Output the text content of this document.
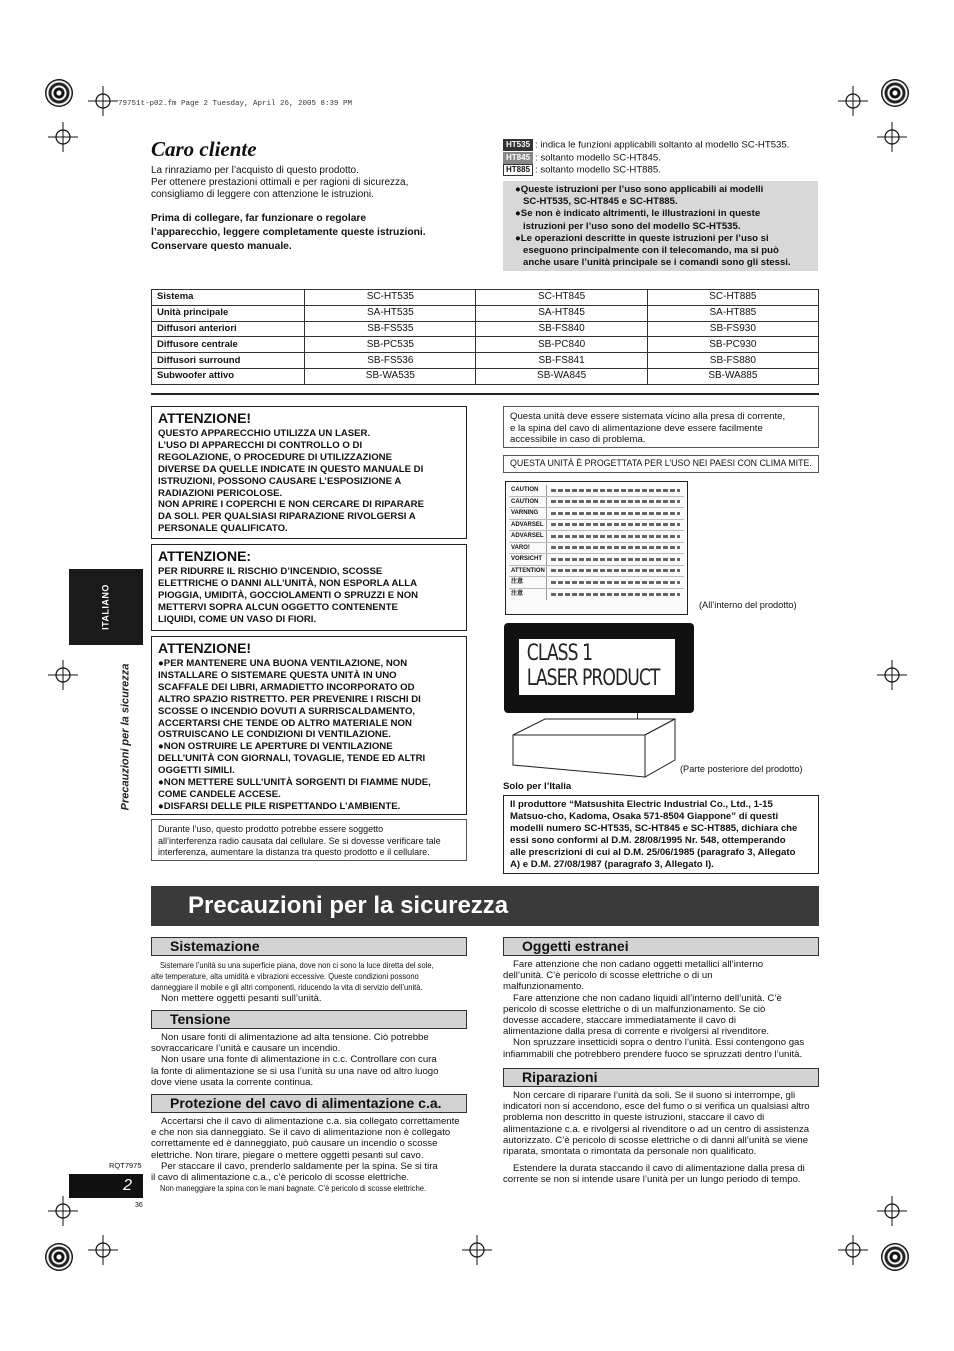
79751t-p02.fm Page 2 Tuesday, April 26, 2005 8:39 PM
ITALIANO
Precauzioni per la sicurezza
RQT7975
2
36
Caro cliente
La rinraziamo per l’acquisto di questo prodotto.
Per ottenere prestazioni ottimali e per ragioni di sicurezza,
consigliamo di leggere con attenzione le istruzioni.
Prima di collegare, far funzionare o regolare
l’apparecchio, leggere completamente queste istruzioni.
Conservare questo manuale.
HT535 : indica le funzioni applicabili soltanto al modello SC-HT535.
HT845 : soltanto modello SC-HT845.
HT885 : soltanto modello SC-HT885.
●Queste istruzioni per l’uso sono applicabili ai modelli
SC-HT535, SC-HT845 e SC-HT885.
●Se non è indicato altrimenti, le illustrazioni in queste
istruzioni per l’uso sono del modello SC-HT535.
●Le operazioni descritte in queste istruzioni per l’uso si
eseguono principalmente con il telecomando, ma si può
anche usare l’unità principale se i comandi sono gli stessi.
Sistema	SC-HT535	SC-HT845	SC-HT885
Unità principale	SA-HT535	SA-HT845	SA-HT885
Diffusori anteriori	SB-FS535	SB-FS840	SB-FS930
Diffusore centrale	SB-PC535	SB-PC840	SB-PC930
Diffusori surround	SB-FS536	SB-FS841	SB-FS880
Subwoofer attivo	SB-WA535	SB-WA845	SB-WA885
ATTENZIONE!
QUESTO APPARECCHIO UTILIZZA UN LASER.
L’USO DI APPARECCHI DI CONTROLLO O DI
REGOLAZIONE, O PROCEDURE DI UTILIZZAZIONE
DIVERSE DA QUELLE INDICATE IN QUESTO MANUALE DI
ISTRUZIONI, POSSONO CAUSARE L’ESPOSIZIONE A
RADIAZIONI PERICOLOSE.
NON APRIRE I COPERCHI E NON CERCARE DI RIPARARE
DA SOLI. PER QUALSIASI RIPARAZIONE RIVOLGERSI A
PERSONALE QUALIFICATO.
ATTENZIONE:
PER RIDURRE IL RISCHIO D’INCENDIO, SCOSSE
ELETTRICHE O DANNI ALL’UNITÀ, NON ESPORLA ALLA
PIOGGIA, UMIDITÀ, GOCCIOLAMENTI O SPRUZZI E NON
METTERVI SOPRA ALCUN OGGETTO CONTENENTE
LIQUIDI, COME UN VASO DI FIORI.
ATTENZIONE!
●PER MANTENERE UNA BUONA VENTILAZIONE, NON
INSTALLARE O SISTEMARE QUESTA UNITÀ IN UNO
SCAFFALE DEI LIBRI, ARMADIETTO INCORPORATO OD
ALTRO SPAZIO RISTRETTO. PER PREVENIRE I RISCHI DI
SCOSSE O INCENDIO DOVUTI A SURRISCALDAMENTO,
ACCERTARSI CHE TENDE OD ALTRO MATERIALE NON
OSTRUISCANO LE CONDIZIONI DI VENTILAZIONE.
●NON OSTRUIRE LE APERTURE DI VENTILAZIONE
DELL’UNITÀ CON GIORNALI, TOVAGLIE, TENDE ED ALTRI
OGGETTI SIMILI.
●NON METTERE SULL’UNITÀ SORGENTI DI FIAMME NUDE,
COME CANDELE ACCESE.
●DISFARSI DELLE PILE RISPETTANDO L’AMBIENTE.
Durante l’uso, questo prodotto potrebbe essere soggetto
all’interferenza radio causata dal cellulare. Se si dovesse verificare tale
interferenza, aumentare la distanza tra questo prodotto e il cellulare.
Questa unità deve essere sistemata vicino alla presa di corrente,
e la spina del cavo di alimentazione deve essere facilmente
accessibile in caso di problema.
QUESTA UNITÀ È PROGETTATA PER L’USO NEI PAESI CON CLIMA MITE.
CAUTION
CAUTION
VARNING
ADVARSEL
ADVARSEL
VARO!
VORSICHT
ATTENTION
注意
注意
(All’interno del prodotto)
CLASS 1
LASER PRODUCT
(Parte posteriore del prodotto)
Solo per l’Italia
Il produttore “Matsushita Electric Industrial Co., Ltd., 1-15
Matsuo-cho, Kadoma, Osaka 571-8504 Giappone” di questi
modelli numero SC-HT535, SC-HT845 e SC-HT885, dichiara che
essi sono conformi al D.M. 28/08/1995 Nr. 548, ottemperando
alle prescrizioni di cui al D.M. 25/06/1985 (paragrafo 3, Allegato
A) e D.M. 27/08/1987 (paragrafo 3, Allegato I).
Precauzioni per la sicurezza
Sistemazione
Sistemare l’unità su una superficie piana, dove non ci sono la luce diretta del sole,
alte temperature, alta umidità e vibrazioni eccessive. Queste condizioni possono
danneggiare il mobile e gli altri componenti, riducendo la vita di servizio dell’unità.
Non mettere oggetti pesanti sull’unità.
Tensione
Non usare fonti di alimentazione ad alta tensione. Ciò potrebbe
sovraccaricare l’unità e causare un incendio.
Non usare una fonte di alimentazione in c.c. Controllare con cura
la fonte di alimentazione se si usa l’unità su una nave od altro luogo
dove viene usata la corrente continua.
Protezione del cavo di alimentazione c.a.
Accertarsi che il cavo di alimentazione c.a. sia collegato correttamente
e che non sia danneggiato. Se il cavo di alimentazione non è collegato
correttamente ed è danneggiato, può causare un incendio o scosse
elettriche. Non tirare, piegare o mettere oggetti pesanti sul cavo.
Per staccare il cavo, prenderlo saldamente per la spina. Se si tira
il cavo di alimentazione c.a., c’è pericolo di scosse elettriche.
Non maneggiare la spina con le mani bagnate. C’è pericolo di scosse elettriche.
Oggetti estranei
Fare attenzione che non cadano oggetti metallici all’interno
dell’unità. C’è pericolo di scosse elettriche o di un
malfunzionamento.
Fare attenzione che non cadano liquidi all’interno dell’unità. C’è
pericolo di scosse elettriche o di un malfunzionamento. Se ciò
dovesse accadere, staccare immediatamente il cavo di
alimentazione dalla presa di corrente e rivolgersi al rivenditore.
Non spruzzare insetticidi sopra o dentro l’unità. Essi contengono gas
infiammabili che potrebbero prendere fuoco se spruzzati dentro l’unità.
Riparazioni
Non cercare di riparare l’unità da soli. Se il suono si interrompe, gli
indicatori non si accendono, esce del fumo o si verifica un qualsiasi altro
problema non descritto in queste istruzioni, staccare il cavo di
alimentazione c.a. e rivolgersi al rivenditore o ad un centro di assistenza
autorizzato. C’è pericolo di scosse elettriche o di danni all’unità se viene
riparata, smontata o rimontata da personale non qualificato.
Estendere la durata staccando il cavo di alimentazione dalla presa di
corrente se non si intende usare l’unità per un lungo periodo di tempo.
